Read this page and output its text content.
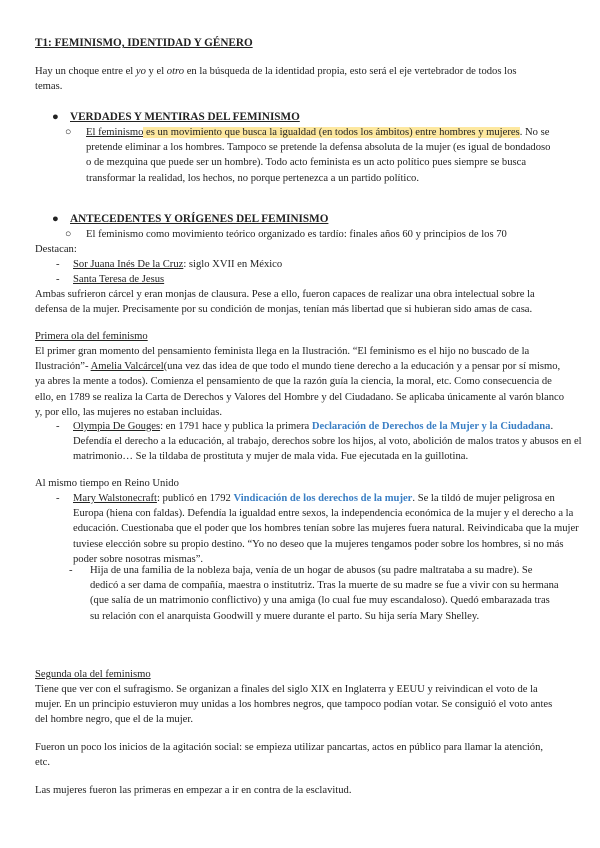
T1: FEMINISMO, IDENTIDAD Y GÉNERO
Hay un choque entre el yo y el otro en la búsqueda de la identidad propia, esto será el eje vertebrador de todos los temas.
● VERDADES Y MENTIRAS DEL FEMINISMO
○ El feminismo es un movimiento que busca la igualdad (en todos los ámbitos) entre hombres y mujeres. No se pretende eliminar a los hombres. Tampoco se pretende la defensa absoluta de la mujer (es igual de bondadoso o de mezquina que puede ser un hombre). Todo acto feminista es un acto político pues siempre se busca transformar la realidad, los hechos, no porque pertenezca a un partido político.
● ANTECEDENTES Y ORÍGENES DEL FEMINISMO
○ El feminismo como movimiento teórico organizado es tardío: finales años 60 y principios de los 70
Destacan:
- Sor Juana Inés De la Cruz: siglo XVII en México
- Santa Teresa de Jesus
Ambas sufrieron cárcel y eran monjas de clausura. Pese a ello, fueron capaces de realizar una obra intelectual sobre la defensa de la mujer. Precisamente por su condición de monjas, tenían más libertad que si hubieran sido amas de casa.
Primera ola del feminismo
El primer gran momento del pensamiento feminista llega en la Ilustración. “El feminismo es el hijo no buscado de la Ilustración”- Amelia Valcárcel(una vez das idea de que todo el mundo tiene derecho a la educación y a pensar por sí mismo, ya abres la mente a todos). Comienza el pensamiento de que la razón guía la ciencia, la moral, etc. Como consecuencia de ello, en 1789 se realiza la Carta de Derechos y Valores del Hombre y del Ciudadano. Se aplicaba únicamente al varón blanco y, por ello, las mujeres no estaban incluidas.
- Olympia De Gouges: en 1791 hace y publica la primera Declaración de Derechos de la Mujer y la Ciudadana. Defendía el derecho a la educación, al trabajo, derechos sobre los hijos, al voto, abolición de malos tratos y abusos en el matrimonio… Se la tildaba de prostituta y mujer de mala vida. Fue ejecutada en la guillotina.
Al mismo tiempo en Reino Unido
- Mary Walstonecraft: publicó en 1792 Vindicación de los derechos de la mujer. Se la tildó de mujer peligrosa en Europa (hiena con faldas). Defendía la igualdad entre sexos, la independencia económica de la mujer y el derecho a la educación. Cuestionaba que el poder que los hombres tenían sobre las mujeres fuera natural. Reivindicaba que la mujer tuviese elección sobre su propio destino. “Yo no deseo que la mujeres tengamos poder sobre los hombres, si no más poder sobre nosotras mismas”.
- Hija de una familia de la nobleza baja, venía de un hogar de abusos (su padre maltrataba a su madre). Se dedicó a ser dama de compañía, maestra o institutriz. Tras la muerte de su madre se fue a vivir con su hermana (que salía de un matrimonio conflictivo) y una amiga (lo cual fue muy escandaloso). Quedó embarazada tras su relación con el anarquista Goodwill y muere durante el parto. Su hija sería Mary Shelley.
Segunda ola del feminismo
Tiene que ver con el sufragismo. Se organizan a finales del siglo XIX en Inglaterra y EEUU y reivindican el voto de la mujer. En un principio estuvieron muy unidas a los hombres negros, que tampoco podían votar. Se consiguió el voto antes del hombre negro, que el de la mujer.
Fueron un poco los inicios de la agitación social: se empieza utilizar pancartas, actos en público para llamar la atención, etc.
Las mujeres fueron las primeras en empezar a ir en contra de la esclavitud.
